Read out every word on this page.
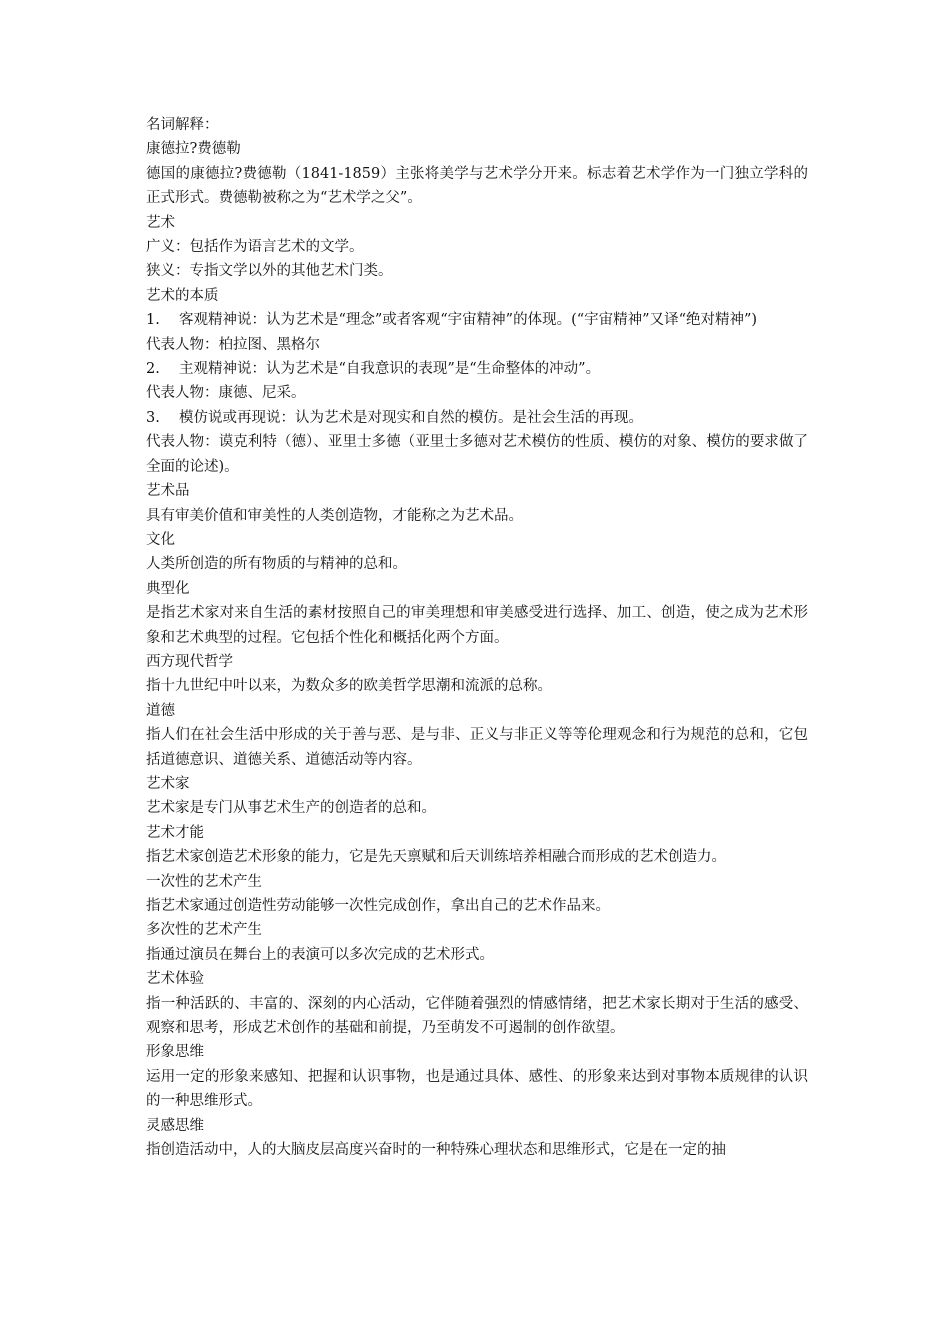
名词解释：
康德拉?费德勒
德国的康德拉?费德勒（1841-1859）主张将美学与艺术学分开来。标志着艺术学作为一门独立学科的正式形式。费德勒被称之为“艺术学之父”。
艺术
广义：包括作为语言艺术的文学。
狭义：专指文学以外的其他艺术门类。
艺术的本质
1.　 客观精神说：认为艺术是“理念”或者客观“宇宙精神”的体现。(“宇宙精神”又译“绝对精神”)
代表人物：柏拉图、黑格尔
2.　 主观精神说：认为艺术是“自我意识的表现”是“生命整体的冲动”。
代表人物：康德、尼采。
3.　 模仿说或再现说：认为艺术是对现实和自然的模仿。是社会生活的再现。
代表人物：谟克利特（德）、亚里士多德（亚里士多德对艺术模仿的性质、模仿的对象、模仿的要求做了全面的论述)。
艺术品
具有审美价值和审美性的人类创造物，才能称之为艺术品。
文化
人类所创造的所有物质的与精神的总和。
典型化
是指艺术家对来自生活的素材按照自己的审美理想和审美感受进行选择、加工、创造，使之成为艺术形象和艺术典型的过程。它包括个性化和概括化两个方面。
西方现代哲学
指十九世纪中叶以来，为数众多的欧美哲学思潮和流派的总称。
道德
指人们在社会生活中形成的关于善与恶、是与非、正义与非正义等等伦理观念和行为规范的总和，它包括道德意识、道德关系、道德活动等内容。
艺术家
艺术家是专门从事艺术生产的创造者的总和。
艺术才能
指艺术家创造艺术形象的能力，它是先天禀赋和后天训练培养相融合而形成的艺术创造力。
一次性的艺术产生
指艺术家通过创造性劳动能够一次性完成创作，拿出自己的艺术作品来。
多次性的艺术产生
指通过演员在舞台上的表演可以多次完成的艺术形式。
艺术体验
指一种活跃的、丰富的、深刻的内心活动，它伴随着强烈的情感情绪，把艺术家长期对于生活的感受、观察和思考，形成艺术创作的基础和前提，乃至萌发不可遏制的创作欲望。
形象思维
运用一定的形象来感知、把握和认识事物，也是通过具体、感性、的形象来达到对事物本质规律的认识的一种思维形式。
灵感思维
指创造活动中，人的大脑皮层高度兴奋时的一种特殊心理状态和思维形式，它是在一定的抽
